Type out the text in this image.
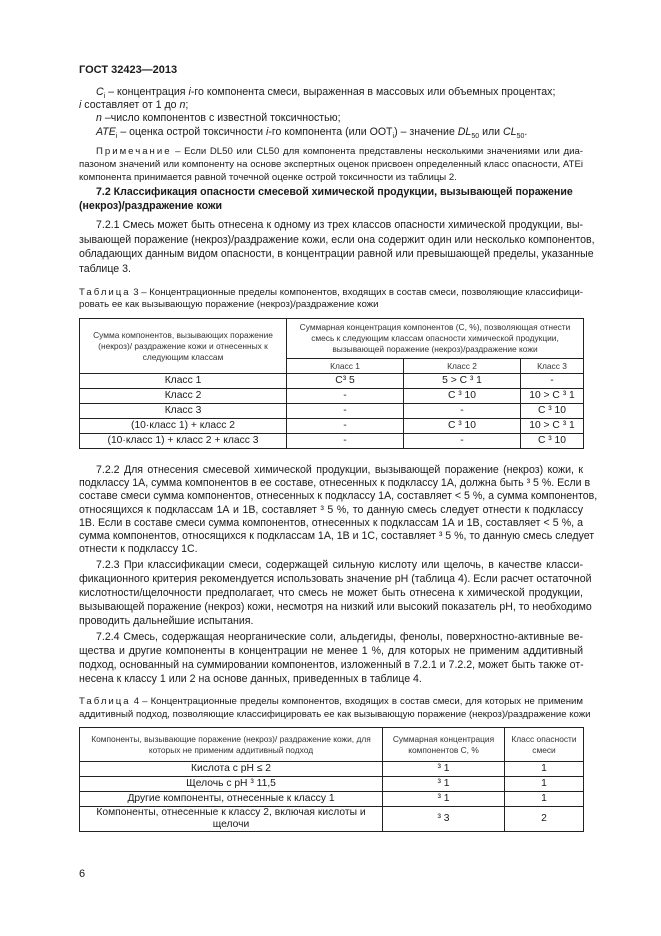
ГОСТ 32423—2013
$C_i$ – концентрация i-го компонента смеси, выраженная в массовых или объемных процентах;
i составляет от 1 до n;
n –число компонентов с известной токсичностью;
$ATE_i$ – оценка острой токсичности i-го компонента (или $ООТ_i$) – значение $DL_{50}$ или $CL_{50}$.
Примечание – Если DL50 или CL50 для компонента представлены несколькими значениями или диа-
пазоном значений или компоненту на основе экспертных оценок присвоен определенный класс опасности, ATEi
компонента принимается равной точечной оценке острой токсичности из таблицы 2.
7.2 Классификация опасности смесевой химической продукции, вызывающей поражение
(некроз)/раздражение кожи
7.2.1 Смесь может быть отнесена к одному из трех классов опасности химической продукции, вы-
зывающей поражение (некроз)/раздражение кожи, если она содержит один или несколько компонентов,
обладающих данным видом опасности, в концентрации равной или превышающей пределы, указанные
таблице 3.
Таблица 3 – Концентрационные пределы компонентов, входящих в состав смеси, позволяющие классифици-
ровать ее как вызывающую поражение (некроз)/раздражение кожи
Сумма компонентов, вызывающих поражение (некроз)/ раздражение кожи и отнесенных к следующим классам	Суммарная концентрация компонентов (С, %), позволяющая отнести смесь к следующим классам опасности химической продукции, вызывающей поражение (некроз)/раздражение кожи		
	Класс 1	Класс 2	Класс 3
Класс 1	C³ 5	5 > C ³ 1	-
Класс 2	-	C ³ 10	10 > C ³ 1
Класс 3	-	-	C ³ 10
(10·класс 1) + класс 2	-	C ³ 10	10 > C ³ 1
(10·класс 1) + класс 2 + класс 3	-	-	C ³ 10
7.2.2 Для отнесения смесевой химической продукции, вызывающей поражение (некроз) кожи, к
подклассу 1А, сумма компонентов в ее составе, отнесенных к подклассу 1А, должна быть ³ 5 %. Если в
составе смеси сумма компонентов, отнесенных к подклассу 1А, составляет < 5 %, а сумма компонентов,
относящихся к подклассам 1А и 1В, составляет ³ 5 %, то данную смесь следует отнести к подклассу
1В. Если в составе смеси сумма компонентов, отнесенных к подклассам 1А и 1В, составляет < 5 %, а
сумма компонентов, относящихся к подклассам 1А, 1В и 1С, составляет ³ 5 %, то данную смесь следует
отнести к подклассу 1С.
7.2.3 При классификации смеси, содержащей сильную кислоту или щелочь, в качестве класси-
фикационного критерия рекомендуется использовать значение pH (таблица 4). Если расчет остаточной
кислотности/щелочности предполагает, что смесь не может быть отнесена к химической продукции,
вызывающей поражение (некроз) кожи, несмотря на низкий или высокий показатель pH, то необходимо
проводить дальнейшие испытания.
7.2.4 Смесь, содержащая неорганические соли, альдегиды, фенолы, поверхностно-активные ве-
щества и другие компоненты в концентрации не менее 1 %, для которых не применим аддитивный
подход, основанный на суммировании компонентов, изложенный в 7.2.1 и 7.2.2, может быть также от-
несена к классу 1 или 2 на основе данных, приведенных в таблице 4.
Таблица 4 – Концентрационные пределы компонентов, входящих в состав смеси, для которых не применим
аддитивный подход, позволяющие классифицировать ее как вызывающую поражение (некроз)/раздражение кожи
Компоненты, вызывающие поражение (некроз)/ раздражение кожи, для которых не применим аддитивный подход	Суммарная концентрация компонентов С, %	Класс опасности смеси
Кислота с pH ≤ 2	³ 1	1
Щелочь с pH ³ 11,5	³ 1	1
Другие компоненты, отнесенные к классу 1	³ 1	1
Компоненты, отнесенные к классу 2, включая кислоты и щелочи	³ 3	2
6
